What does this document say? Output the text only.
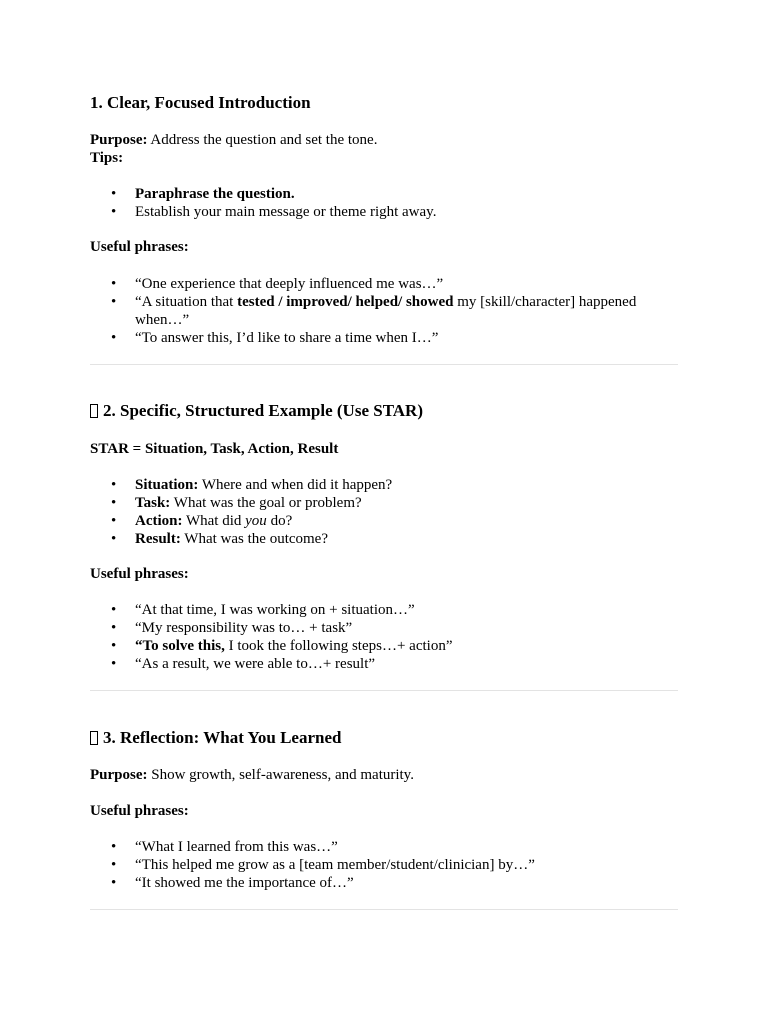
1. Clear, Focused Introduction

Purpose: Address the question and set the tone.

Tips:

• Paraphrase the question.
• Establish your main message or theme right away.

Useful phrases:

• “One experience that deeply influenced me was…”
• “A situation that tested / improved/ helped/ showed my [skill/character] happened when…”
• “To answer this, I’d like to share a time when I…”
2. Specific, Structured Example (Use STAR)

STAR = Situation, Task, Action, Result

• Situation: Where and when did it happen?
• Task: What was the goal or problem?
• Action: What did you do?
• Result: What was the outcome?

Useful phrases:

• “At that time, I was working on + situation…”
• “My responsibility was to… + task”
• “To solve this, I took the following steps…+ action”
• “As a result, we were able to…+ result”
3. Reflection: What You Learned

Purpose: Show growth, self-awareness, and maturity.

Useful phrases:

• “What I learned from this was…”
• “This helped me grow as a [team member/student/clinician] by…”
• “It showed me the importance of…”
